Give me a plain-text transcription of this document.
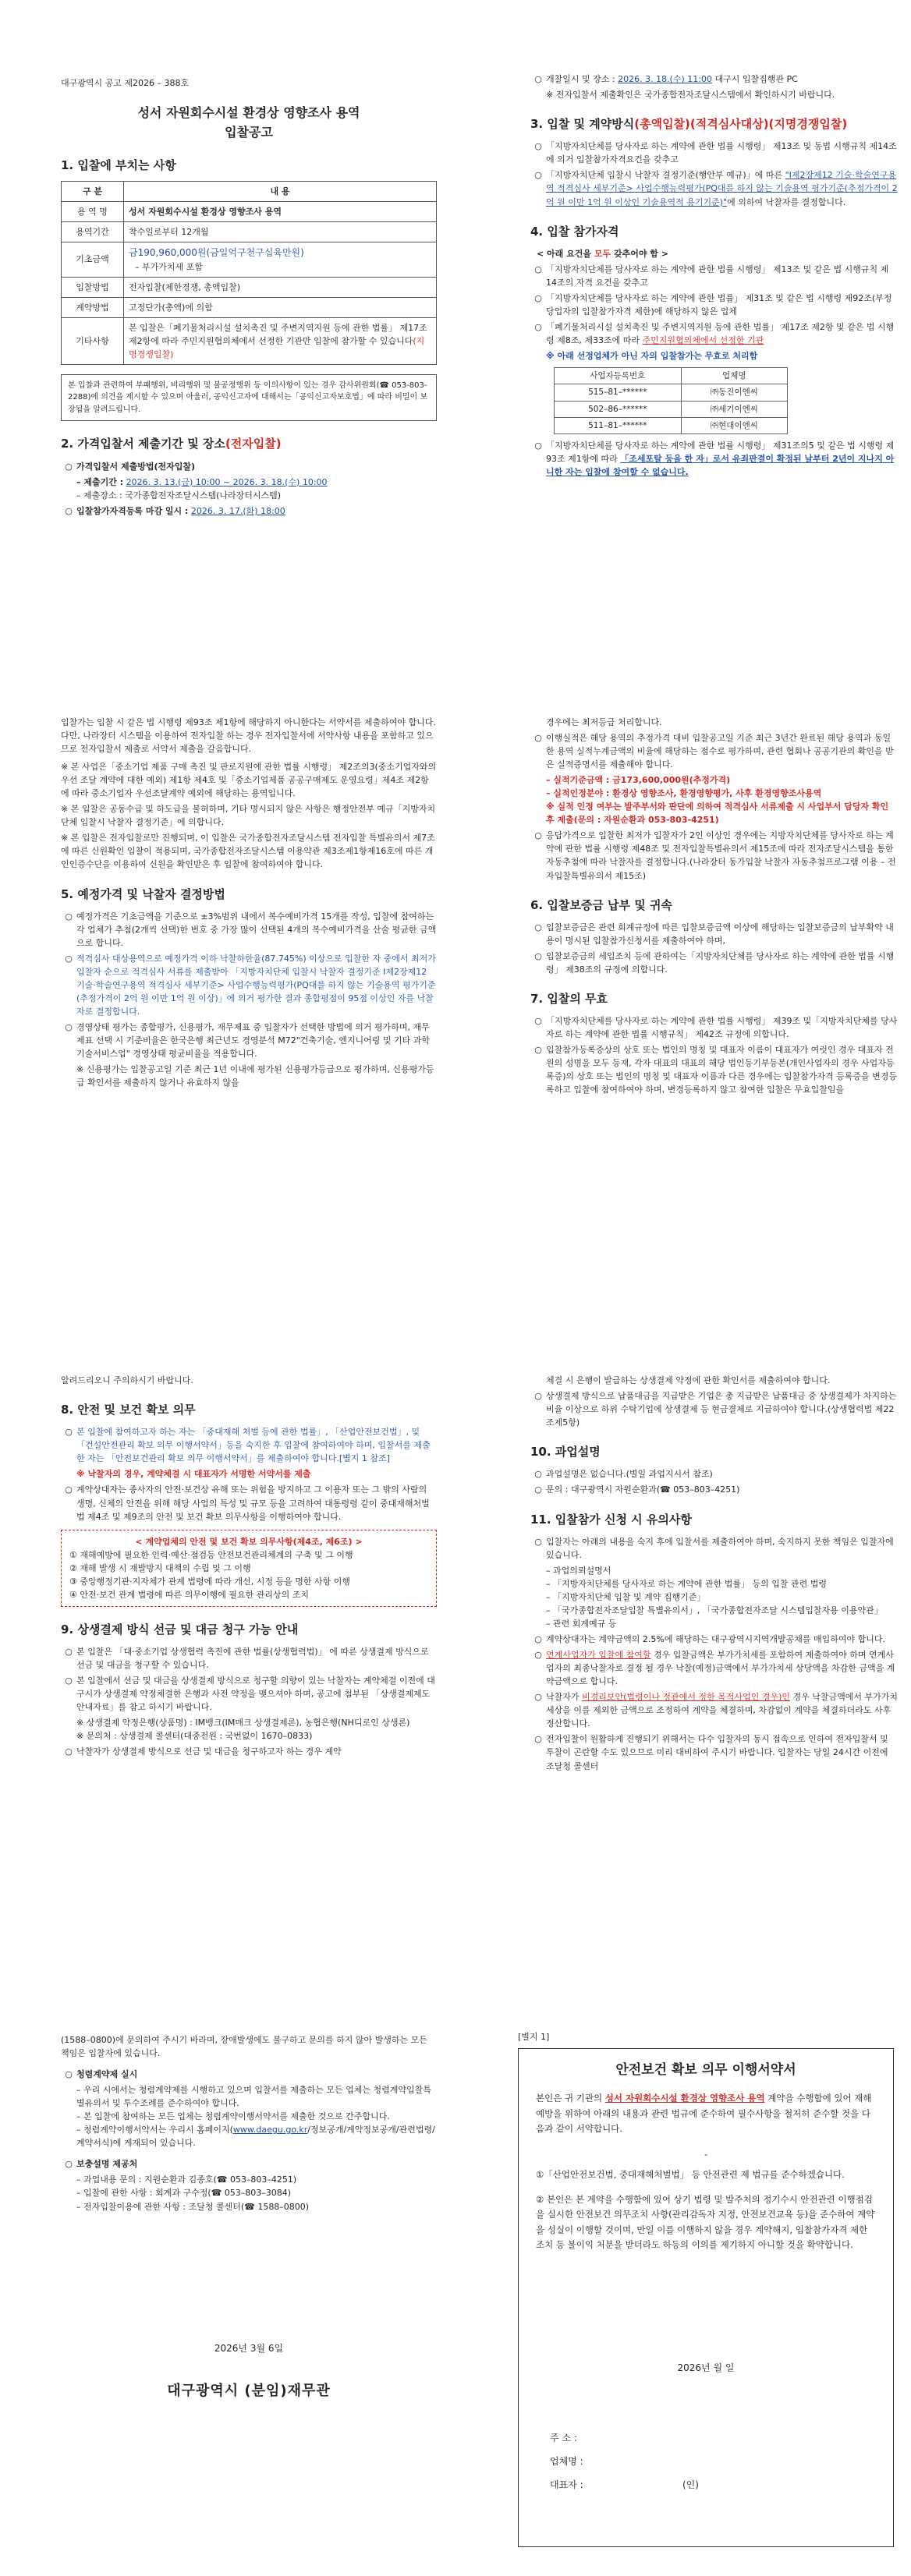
대구광역시 공고 제2026 – 388호
성서 자원회수시설 환경상 영향조사 용역
입찰공고
1. 입찰에 부치는 사항
구 분	내 용
용 역 명	성서 자원회수시설 환경상 영향조사 용역
용역기간	착수일로부터 12개월
기초금액	금190,960,000원(금일억구천구십육만원)
– 부가가치세 포함

입찰방법	전자입찰(제한경쟁, 총액입찰)
계약방법	고정단가(총액)에 의함
기타사항	본 입찰은「폐기물처리시설 설치촉진 및 주변지역지원 등에 관한 법률」 제17조제2항에 따라 주민지원협의체에서 선정한 기관만 입찰에 참가할 수 있습니다(지명경쟁입찰)
본 입찰과 관련하여 부패행위, 비리행위 및 불공정행위 등 이의사항이 있는 경우 감사위원회(☎ 053-803-2288)에 의견을 제시할 수 있으며 아울러, 공익신고자에 대해서는「공익신고자보호법」에 따라 비밀이 보장됨을 알려드립니다.
2. 가격입찰서 제출기간 및 장소(전자입찰)
○ 가격입찰서 제출방법(전자입찰)
– 제출기간 : 2026. 3. 13.(금) 10:00 ~ 2026. 3. 18.(수) 10:00
– 제출장소 : 국가종합전자조달시스템(나라장터시스템)
○ 입찰참가자격등록 마감 일시 : 2026. 3. 17.(화) 18:00
○ 개찰일시 및 장소 : 2026. 3. 18.(수) 11:00 대구시 입찰집행관 PC
※ 전자입찰서 제출확인은 국가종합전자조달시스템에서 확인하시기 바랍니다.
3. 입찰 및 계약방식(총액입찰)(적격심사대상)(지명경쟁입찰)
○ 「지방자치단체를 당사자로 하는 계약에 관한 법률 시행령」 제13조 및 동법 시행규칙 제14조에 의거 입찰참가자격요건을 갖추고
○ 「지방자치단체 입찰시 낙찰자 결정기준(행안부 예규)」에 따른 "Ⅰ제2장제12 기술·학술연구용역 적격심사 세부기준> 사업수행능력평가(PQ대를 하지 않는 기술용역 평가기준(추정가격이 2억 원 이만 1억 원 이상인 기술용역적 용기기준)"에 의하여 낙찰자를 결정합니다.
4. 입찰 참가자격
< 아래 요건을 모두 갖추어야 함 >
○ 「지방자치단체를 당사자로 하는 계약에 관한 법률 시행령」 제13조 및 같은 법 시행규칙 제14조의 자격 요건을 갖추고
○ 「지방자치단체를 당사자로 하는 계약에 관한 법률」 제31조 및 같은 법 시행령 제92조(부정당업자의 입찰참가자격 제한)에 해당하지 않은 업체
○ 「폐기물처리시설 설치촉진 및 주변지역지원 등에 관한 법률」 제17조 제2항 및 같은 법 시행령 제8조, 제33조에 따라 주민지원협의체에서 선정한 기관
※ 아래 선정업체가 아닌 자의 입찰참가는 무효로 처리함
사업자등록번호	업체명
515–81–******	㈜동진이엔씨
502–86–******	㈜세기이엔씨
511–81–******	㈜현대이엔씨
○ 「지방자치단체를 당사자로 하는 계약에 관한 법률 시행령」 제31조의5 및 같은 법 시행령 제93조 제1항에 따라 「조세포탈 등을 한 자」로서 유죄판결이 확정된 날부터 2년이 지나지 아니한 자는 입찰에 참여할 수 없습니다.
입찰가는 입찰 시 같은 법 시행령 제93조 제1항에 해당하지 아니한다는 서약서를 제출하여야 합니다. 다만, 나라장터 시스템을 이용하여 전자입찰 하는 경우 전자입찰서에 서약사항 내용을 포함하고 있으므로 전자입찰서 제출로 서약서 제출을 갈음합니다.
※ 본 사업은「중소기업 제품 구매 촉진 및 판로지원에 관한 법률 시행령」 제2조의3(중소기업자와의 우선 조달 계약에 대한 예외) 제1항 제4호 및「중소기업제품 공공구매제도 운영요령」제4조 제2항에 따라 중소기업자 우선조달계약 예외에 해당하는 용역입니다.
※ 본 입찰은 공동수급 및 하도급을 불허하며, 기타 명시되지 않은 사항은 행정안전부 예규「지방자치단체 입찰시 낙찰자 결정기준」에 의합니다.
※ 본 입찰은 전자입찰로만 진행되며, 이 입찰은 국가종합전자조달시스템 전자입찰 특별유의서 제7조에 따른 신원확인 입찰이 적용되며, 국가종합전자조달시스템 이용약관 제3조제1항제16호에 따른 개인인증수단을 이용하여 신원을 확인받은 후 입찰에 참여하여야 합니다.
5. 예정가격 및 낙찰자 결정방법
○ 예정가격은 기초금액을 기준으로 ±3%범위 내에서 복수예비가격 15개를 작성, 입찰에 참여하는 각 업체가 추첨(2개씩 선택)한 번호 중 가장 많이 선택된 4개의 복수예비가격을 산술 평균한 금액으로 합니다.
○ 적격심사 대상용역으로 예정가격 이하 낙찰하한율(87.745%) 이상으로 입찰한 자 중에서 최저가 입찰자 순으로 적격심사 서류를 제출받아 「지방자치단체 입찰시 낙찰자 결정기준 Ⅰ제2장제12 기술·학술연구용역 적격심사 세부기준> 사업수행능력평가(PQ대를 하지 않는 기술용역 평가기준(추정가격이 2억 원 이만 1억 원 이상)」에 의거 평가한 결과 종합평점이 95점 이상인 자를 낙찰자로 결정합니다.
○ 경영상태 평가는 종합평가, 신용평가, 재무제표 중 입찰자가 선택한 방법에 의거 평가하며, 재무제표 선택 시 기준비율은 한국은행 최근년도 경영분석 M72"건축기술, 엔지니어링 및 기타 과학기술서비스업" 경영상태 평균비율을 적용합니다.
※ 신용평가는 입찰공고일 기준 최근 1년 이내에 평가된 신용평가등급으로 평가하며, 신용평가등급 확인서를 제출하지 않거나 유효하지 않을
경우에는 최저등급 처리합니다.
○ 이행실적은 해당 용역의 추정가격 대비 입찰공고일 기준 최근 3년간 완료된 해당 용역과 동일한 용역 실적누계금액의 비율에 해당하는 점수로 평가하며, 관련 협회나 공공기관의 확인을 받은 실적증명서를 제출해야 합니다.
– 실적기준금액 : 금173,600,000원(추정가격)
– 실적인정분야 : 환경상 영향조사, 환경영향평가, 사후 환경영향조사용역
※ 실적 인정 여부는 발주부서와 판단에 의하여 적격심사 서류제출 시 사업부서 담당자 확인 후 제출(문의 : 자원순환과 053-803-4251)
○ 응답가격으로 입찰한 최저가 입찰자가 2인 이상인 경우에는 지방자치단체를 당사자로 하는 계약에 관한 법률 시행령 제48조 및 전자입찰특별유의서 제15조에 따라 전자조달시스템을 통한 자동추첨에 따라 낙찰자를 결정합니다.(나라장터 동가입찰 낙찰자 자동추첨프로그램 이용 – 전자입찰특별유의서 제15조)
6. 입찰보증금 납부 및 귀속
○ 입찰보증금은 관련 회계규정에 따른 입찰보증금액 이상에 해당하는 입찰보증금의 납부확약 내용이 명시된 입찰참가신청서를 제출하여야 하며,
○ 입찰보증금의 세입조치 등에 관하여는「지방자치단체를 당사자로 하는 계약에 관한 법률 시행령」 제38조의 규정에 의합니다.
7. 입찰의 무효
○ 「지방자치단체를 당사자로 하는 계약에 관한 법률 시행령」 제39조 및「지방자치단체를 당사자로 하는 계약에 관한 법률 시행규칙」 제42조 규정에 의합니다.
○ 입찰참가등록증상의 상호 또는 법인의 명칭 및 대표자 이름이 대표자가 여럿인 경우 대표자 전원의 성명을 모두 등재, 각자 대표의 대표의 해당 법인등기부등본(개인사업자의 경우 사업자등록증)의 상호 또는 법인의 명칭 및 대표자 이름과 다른 경우에는 입찰참가자격 등록증을 변경등록하고 입찰에 참여하여야 하며, 변경등록하지 않고 참여한 입찰은 무효입찰임을
알려드리오니 주의하시기 바랍니다.
8. 안전 및 보건 확보 의무
○ 본 입찰에 참여하고자 하는 자는 「중대재해 처벌 등에 관한 법률」, 「산업안전보건법」, 및 「건설안전관리 확보 의무 이행서약서」등을 숙지한 후 입찰에 참여하여야 하며, 입찰서를 제출한 자는 「안전보건관리 확보 의무 이행서약서」를 제출하여야 합니다.[별지 1 참조]
※ 낙찰자의 경우, 계약체결 시 대표자가 서명한 서약서를 제출
○ 계약상대자는 종사자의 안전·보건상 유해 또는 위험을 방지하고 그 이용자 또는 그 밖의 사람의 생명, 신체의 안전을 위해 해당 사업의 특성 및 규모 등을 고려하여 대통령령 같이 중대재해처벌법 제4조 및 제9조의 안전 및 보건 확보 의무사항을 이행하여야 합니다.
< 계약업체의 안전 및 보건 확보 의무사항(제4조, 제6조) >
① 재해예방에 필요한 인력·예산·점검등 안전보건관리체계의 구축 및 그 이행
② 재해 발생 시 재발방지 대책의 수립 및 그 이행
③ 중앙행정기관·지자체가 관계 법령에 따라 개선, 시정 등을 명한 사항 이행
④ 안전·보건 관계 법령에 따른 의무이행에 필요한 관리상의 조치
9. 상생결제 방식 선금 및 대금 청구 가능 안내
○ 본 입찰은 「대·중소기업 상생협력 촉진에 관한 법률(상생협력법)」 에 따른 상생결제 방식으로 선금 및 대금을 청구할 수 있습니다.
○ 본 입찰에서 선금 및 대금을 상생결제 방식으로 청구할 의향이 있는 낙찰자는 계약체결 이전에 대구시가 상생결제 약정체결한 은행과 사전 약정을 맺으셔야 하며, 공고에 첨부된 「상생결제제도 안내자료」를 참고 하시기 바랍니다.
※ 상생결제 약정은행(상품명) : IM뱅크(IM매크 상생결제론), 농협은행(NH디로인 상생론)
※ 문의처 : 상생결제 콜센터(대중전원 : 국번없이 1670–0833)
○ 낙찰자가 상생결제 방식으로 선금 및 대금을 청구하고자 하는 경우 계약
체결 시 은행이 발급하는 상생결제 약정에 관한 확인서를 제출하여야 합니다.
○ 상생결제 방식으로 납품대금을 지급받은 기업은 총 지급받은 납품대금 중 상생결제가 차지하는 비율 이상으로 하위 수탁기업에 상생결제 등 현금결제로 지급하여야 합니다.(상생협력법 제22조제5항)
10. 과업설명
○ 과업설명은 없습니다.(별일 과업지시서 참조)
○ 문의 : 대구광역시 자원순환과(☎ 053–803–4251)
11. 입찰참가 신청 시 유의사항
○ 입찰자는 아래의 내용을 숙지 후에 입찰서를 제출하여야 하며, 숙지하지 못한 책임은 입찰자에 있습니다.
– 과업의뢰설명서
– 「지방자치단체를 당사자로 하는 계약에 관한 법률」 등의 입찰 관련 법령
– 「지방자치단체 입찰 및 계약 집행기준」
– 「국가종합전자조달입찰 특별유의서」, 「국가종합전자조달 시스템입찰자용 이용약관」
– 관련 회계예규 등
○ 계약상대자는 계약금액의 2.5%에 해당하는 대구광역시지역개발공채를 매입하여야 합니다.
○ 연계사업자가 입찰에 참여할 경우 입찰금액은 부가가치세를 포함하여 제출하여야 하며 연계사업자의 최종낙찰자로 결정 될 경우 낙찰(예정)금액에서 부가가치세 상당액을 차감한 금액을 계약금액으로 합니다.
○ 낙찰자가 비경리보안(법령이나 정관에서 정한 목적사업인 경우)인 경우 낙찰금액에서 부가가치세상을 이를 제외한 금액으로 조정하여 계약을 체결하며, 차감없이 계약을 체결하더라도 사후 정산합니다.
○ 전자입찰이 원활하게 진행되기 위해서는 다수 입찰자의 동시 접속으로 인하여 전자입찰서 및 투찰이 곤란할 수도 있으므로 미리 대비하여 주시기 바랍니다. 입찰자는 당일 24시간 이전에 조달청 콜센터
(1588–0800)에 문의하여 주시기 바라며, 장애발생에도 불구하고 문의를 하지 않아 발생하는 모든 책임은 입찰자에 있습니다.
○ 청렴계약제 실시
– 우리 시에서는 청렴계약제를 시행하고 있으며 입찰서를 제출하는 모든 업체는 청렴계약입찰특별유의서 및 투수조례를 준수하여야 합니다.
– 본 입찰에 참여하는 모든 업체는 청렴계약이행서약서를 제출한 것으로 간주합니다.
– 청렴계약이행서약서는 우리시 홈페이지(www.daegu.go.kr/정보공개/계약정보공개/관련법령/계약서식)에 게재되어 있습니다.
○ 보충설명 제공처
– 과업내용 문의 : 지원순환과 김종호(☎ 053–803–4251)
– 입찰에 관한 사항 : 회계과 구수정(☎ 053–803–3084)
– 전자입찰이용에 관한 사항 : 조달청 콜센터(☎ 1588–0800)
2026년 3월 6일
대구광역시 (분임)재무관
[별지 1]
안전보건 확보 의무 이행서약서
본인은 귀 기관의 성서 자원회수시설 환경상 영향조사 용역 계약을 수행함에 있어 재해예방을 위하여 아래의 내용과 관련 법규에 준수하여 필수사항을 철저히 준수할 것을 다음과 같이 서약합니다.
-
①「산업안전보건법, 중대재해처벌법」 등 안전관련 제 법규를 준수하겠습니다.
② 본인은 본 계약을 수행함에 있어 상기 법령 및 발주처의 정기수시 안전관련 이행점검을 실시한 안전보건 의무조치 사항(관리감독자 지정, 안전보건교육 등)을 준수하여 계약을 성실이 이행할 것이며, 만일 이를 이행하지 않을 경우 계약해지, 입찰참가자격 제한조치 등 불이익 처분을 받더라도 하등의 이의를 제기하지 아니할 것을 확약합니다.
2026년 월 일
주 소 :
업체명 :
대표자 :	(인)
